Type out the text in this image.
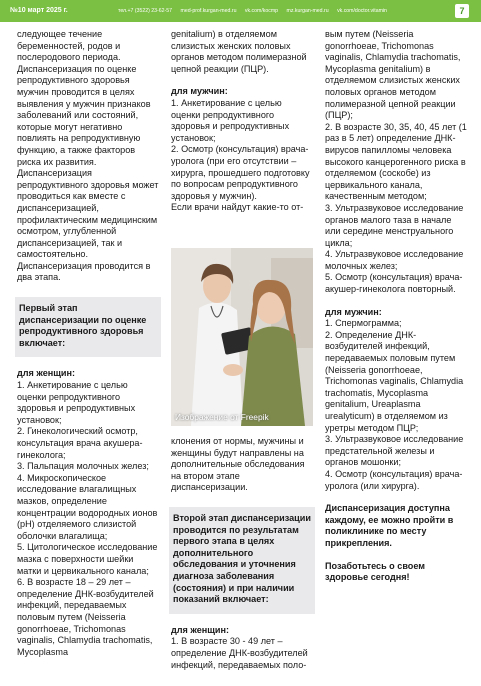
№10 март 2025 г.	тел.+7 (3522) 23-62-57 med-prof.kurgan-med.ru vk.com/kocmp mz.kurgan-med.ru vk.com/doctor.vitamin	7

следующее течение беременностей, родов и послеродового периода.

Диспансеризация по оценке репродуктивного здоровья мужчин проводится в целях выявления у мужчин признаков заболеваний или состояний, которые могут негативно повлиять на репродуктивную функцию, а также факторов риска их развития.

Диспансеризация репродуктивного здоровья может проводиться как вместе с диспансеризацией, профилактическим медицинским осмотром, углубленной диспансеризацией, так и самостоятельно.

Диспансеризация проводится в два этапа.

Первый этап диспансеризации по оценке репродуктивного здоровья включает:

для женщин:

1. Анкетирование с целью оценки репродуктивного здоровья и репродуктивных установок;

2. Гинекологический осмотр, консультация врача акушера-гинеколога;

3. Пальпация молочных желез;

4. Микроскопическое исследование влагалищных мазков, определение концентрации водородных ионов (pH) отделяемого слизистой оболочки влагалища;

5. Цитологическое исследование мазка с поверхности шейки матки и цервикального канала;

6. В возрасте 18 – 29 лет – определение ДНК-возбудителей инфекций, передаваемых половым путем (Neisseria gonorrhoeae, Trichomonas vaginalis, Chlamydia trachomatis, Mycoplasma

genitalium) в отделяемом слизистых женских половых органов методом полимеразной цепной реакции (ПЦР).

для мужчин:

1. Анкетирование с целью оценки репродуктивного здоровья и репродуктивных установок;

2. Осмотр (консультация) врача-уролога (при его отсутствии – хирурга, прошедшего подготовку по вопросам репродуктивного здоровья у мужчин).

Если врачи найдут какие-то от-

Изображение от Freepik

клонения от нормы, мужчины и женщины будут направлены на дополнительные обследования на втором этапе диспансеризации.

Второй этап диспансеризации проводится по результатам первого этапа в целях дополнительного обследования и уточнения диагноза заболевания (состояния) и при наличии показаний включает:

для женщин:

1. В возрасте 30 - 49 лет – определение ДНК-возбудителей инфекций, передаваемых поло-

вым путем (Neisseria gonorrhoeae, Trichomonas vaginalis, Chlamydia trachomatis, Mycoplasma genitalium) в отделяемом слизистых женских половых органов методом полимеразной цепной реакции (ПЦР);

2. В возрасте 30, 35, 40, 45 лет (1 раз в 5 лет) определение ДНК-вирусов папилломы человека высокого канцерогенного риска в отделяемом (соскобе) из цервикального канала, качественным методом;

3. Ультразвуковое исследование органов малого таза в начале или середине менструального цикла;

4. Ультразвуковое исследование молочных желез;

5. Осмотр (консультация) врача-акушер-гинеколога повторный.

для мужчин:

1. Спермограмма;

2. Определение ДНК-возбудителей инфекций, передаваемых половым путем (Neisseria gonorrhoeae, Trichomonas vaginalis, Chlamydia trachomatis, Mycoplasma genitalium, Ureaplasma urealyticum) в отделяемом из уретры методом ПЦР;

3. Ультразвуковое исследование предстательной железы и органов мошонки;

4. Осмотр (консультация) врача-уролога (или хирурга).

Диспансеризация доступна каждому, ее можно пройти в поликлинике по месту прикрепления.

Позаботьтесь о своем здоровье сегодня!
